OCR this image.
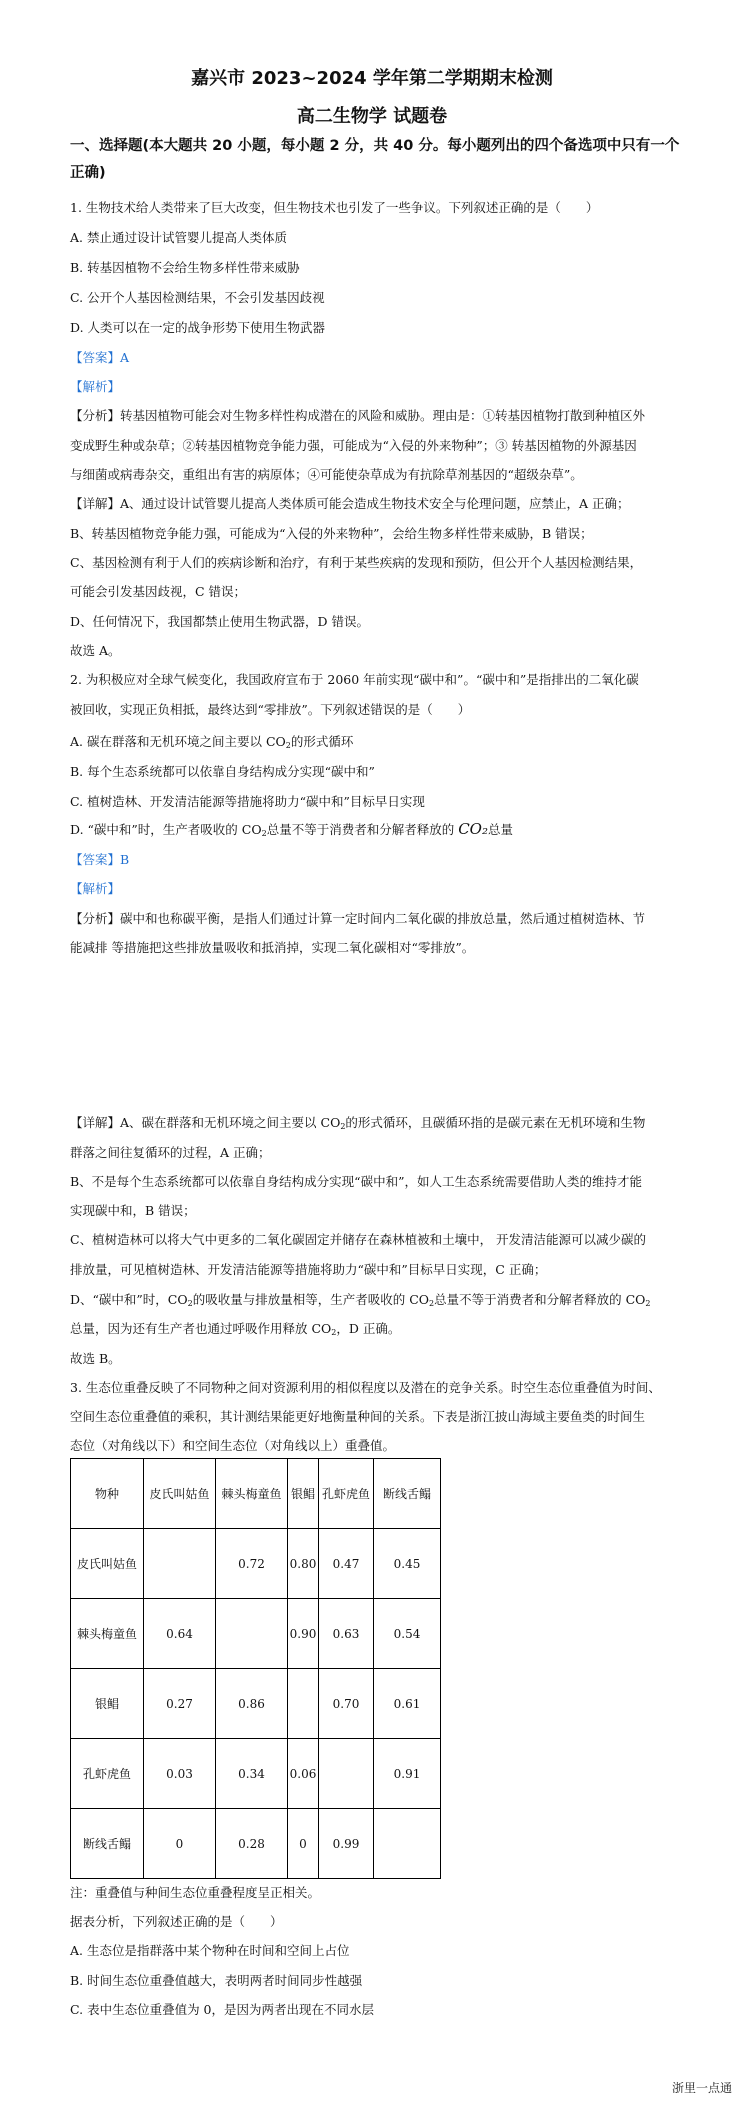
嘉兴市 2023~2024 学年第二学期期末检测
高二生物学 试题卷
一、选择题(本大题共 20 小题，每小题 2 分，共 40 分。每小题列出的四个备选项中只有一个正确)
1. 生物技术给人类带来了巨大改变，但生物技术也引发了一些争议。下列叙述正确的是（　　）
A. 禁止通过设计试管婴儿提高人类体质
B. 转基因植物不会给生物多样性带来威胁
C. 公开个人基因检测结果，不会引发基因歧视
D. 人类可以在一定的战争形势下使用生物武器
【答案】A
【解析】
【分析】转基因植物可能会对生物多样性构成潜在的风险和威胁。理由是：①转基因植物打散到种植区外
变成野生种或杂草；②转基因植物竞争能力强，可能成为“入侵的外来物种”；③ 转基因植物的外源基因
与细菌或病毒杂交，重组出有害的病原体；④可能使杂草成为有抗除草剂基因的“超级杂草”。
【详解】A、通过设计试管婴儿提高人类体质可能会造成生物技术安全与伦理问题，应禁止，A 正确；
B、转基因植物竞争能力强，可能成为“入侵的外来物种”，会给生物多样性带来威胁，B 错误；
C、基因检测有利于人们的疾病诊断和治疗，有利于某些疾病的发现和预防，但公开个人基因检测结果，
可能会引发基因歧视，C 错误；
D、任何情况下，我国都禁止使用生物武器，D 错误。
故选 A。
2. 为积极应对全球气候变化，我国政府宣布于 2060 年前实现“碳中和”。“碳中和”是指排出的二氧化碳
被回收，实现正负相抵，最终达到“零排放”。下列叙述错误的是（　　）
A. 碳在群落和无机环境之间主要以 $CO_2$的形式循环
B. 每个生态系统都可以依靠自身结构成分实现“碳中和”
C. 植树造林、开发清洁能源等措施将助力“碳中和”目标早日实现
D. “碳中和”时，生产者吸收的 $CO_2$总量不等于消费者和分解者释放的 CO₂总量
【答案】B
【解析】
【分析】碳中和也称碳平衡，是指人们通过计算一定时间内二氧化碳的排放总量，然后通过植树造林、节
能减排 等措施把这些排放量吸收和抵消掉，实现二氧化碳相对“零排放”。
【详解】A、碳在群落和无机环境之间主要以 $CO_2$的形式循环，且碳循环指的是碳元素在无机环境和生物
群落之间往复循环的过程，A 正确；
B、不是每个生态系统都可以依靠自身结构成分实现“碳中和”，如人工生态系统需要借助人类的维持才能
实现碳中和，B 错误；
C、植树造林可以将大气中更多的二氧化碳固定并储存在森林植被和土壤中， 开发清洁能源可以减少碳的
排放量，可见植树造林、开发清洁能源等措施将助力“碳中和”目标早日实现，C 正确；
D、“碳中和”时，$CO_2$的吸收量与排放量相等，生产者吸收的 $CO_2$总量不等于消费者和分解者释放的 $CO_2$
总量，因为还有生产者也通过呼吸作用释放 $CO_2$，D 正确。
故选 B。
3. 生态位重叠反映了不同物种之间对资源利用的相似程度以及潜在的竞争关系。时空生态位重叠值为时间、
空间生态位重叠值的乘积，其计测结果能更好地衡量种间的关系。下表是浙江披山海域主要鱼类的时间生
态位（对角线以下）和空间生态位（对角线以上）重叠值。
物种	皮氏叫姑鱼	棘头梅童鱼	银鲳	孔虾虎鱼	断线舌鳎
皮氏叫姑鱼		0.72	0.80	0.47	0.45
棘头梅童鱼	0.64		0.90	0.63	0.54
银鲳	0.27	0.86		0.70	0.61
孔虾虎鱼	0.03	0.34	0.06		0.91
断线舌鳎	0	0.28	0	0.99	
注：重叠值与种间生态位重叠程度呈正相关。
据表分析，下列叙述正确的是（　　）
A. 生态位是指群落中某个物种在时间和空间上占位
B. 时间生态位重叠值越大，表明两者时间同步性越强
C. 表中生态位重叠值为 0，是因为两者出现在不同水层
浙里一点通
